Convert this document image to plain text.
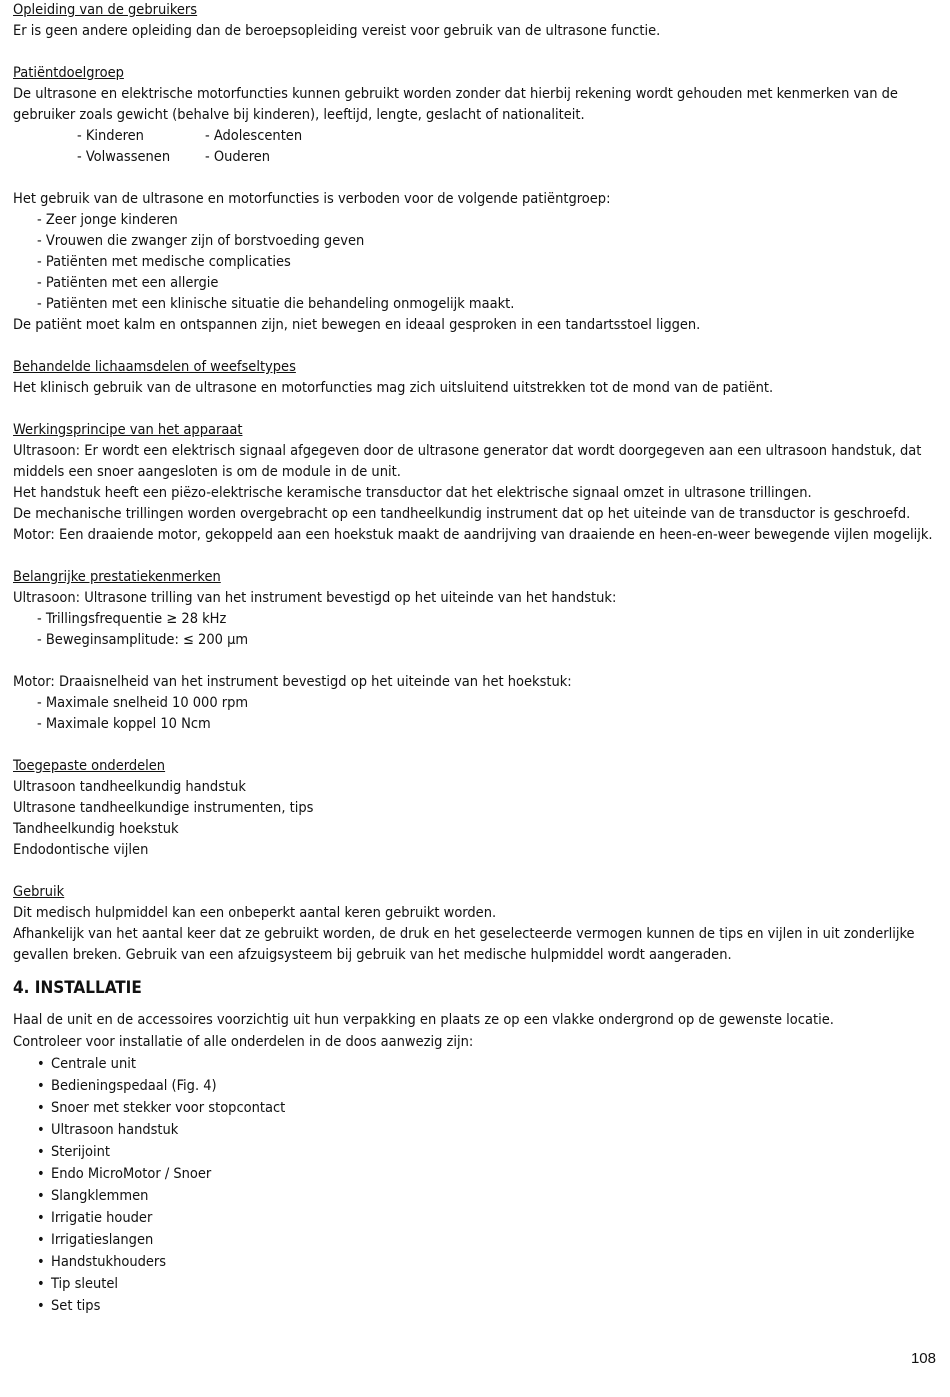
Opleiding van de gebruikers
Er is geen andere opleiding dan de beroepsopleiding vereist voor gebruik van de ultrasone functie.
Patiëntdoelgroep
De ultrasone en elektrische motorfuncties kunnen gebruikt worden zonder dat hierbij rekening wordt gehouden met kenmerken van de gebruiker zoals gewicht (behalve bij kinderen), leeftijd, lengte, geslacht of nationaliteit.
- Kinderen	- Adolescenten
- Volwassenen	- Ouderen
Het gebruik van de ultrasone en motorfuncties is verboden voor de volgende patiëntgroep:
- Zeer jonge kinderen
- Vrouwen die zwanger zijn of borstvoeding geven
- Patiënten met medische complicaties
- Patiënten met een allergie
- Patiënten met een klinische situatie die behandeling onmogelijk maakt.
De patiënt moet kalm en ontspannen zijn, niet bewegen en ideaal gesproken in een tandartsstoel liggen.
Behandelde lichaamsdelen of weefseltypes
Het klinisch gebruik van de ultrasone en motorfuncties mag zich uitsluitend uitstrekken tot de mond van de patiënt.
Werkingsprincipe van het apparaat
Ultrasoon: Er wordt een elektrisch signaal afgegeven door de ultrasone generator dat wordt doorgegeven aan een ultrasoon handstuk, dat middels een snoer aangesloten is om de module in de unit.
Het handstuk heeft een piëzo-elektrische keramische transductor dat het elektrische signaal omzet in ultrasone trillingen.
De mechanische trillingen worden overgebracht op een tandheelkundig instrument dat op het uiteinde van de transductor is geschroefd.
Motor: Een draaiende motor, gekoppeld aan een hoekstuk maakt de aandrijving van draaiende en heen-en-weer bewegende vijlen mogelijk.
Belangrijke prestatiekenmerken
Ultrasoon: Ultrasone trilling van het instrument bevestigd op het uiteinde van het handstuk:
- Trillingsfrequentie ≥ 28 kHz
- Beweginsamplitude: ≤ 200 µm
Motor: Draaisnelheid van het instrument bevestigd op het uiteinde van het hoekstuk:
- Maximale snelheid 10 000 rpm
- Maximale koppel 10 Ncm
Toegepaste onderdelen
Ultrasoon tandheelkundig handstuk
Ultrasone tandheelkundige instrumenten, tips
Tandheelkundig hoekstuk
Endodontische vijlen
Gebruik
Dit medisch hulpmiddel kan een onbeperkt aantal keren gebruikt worden.
Afhankelijk van het aantal keer dat ze gebruikt worden, de druk en het geselecteerde vermogen kunnen de tips en vijlen in uit zonderlijke gevallen breken. Gebruik van een afzuigsysteem bij gebruik van het medische hulpmiddel wordt aangeraden.
4. INSTALLATIE
Haal de unit en de accessoires voorzichtig uit hun verpakking en plaats ze op een vlakke ondergrond op de gewenste locatie.
Controleer voor installatie of alle onderdelen in de doos aanwezig zijn:
• Centrale unit
• Bedieningspedaal (Fig. 4)
• Snoer met stekker voor stopcontact
• Ultrasoon handstuk
• Sterijoint
• Endo MicroMotor / Snoer
• Slangklemmen
• Irrigatie houder
• Irrigatieslangen
• Handstukhouders
• Tip sleutel
• Set tips
108
